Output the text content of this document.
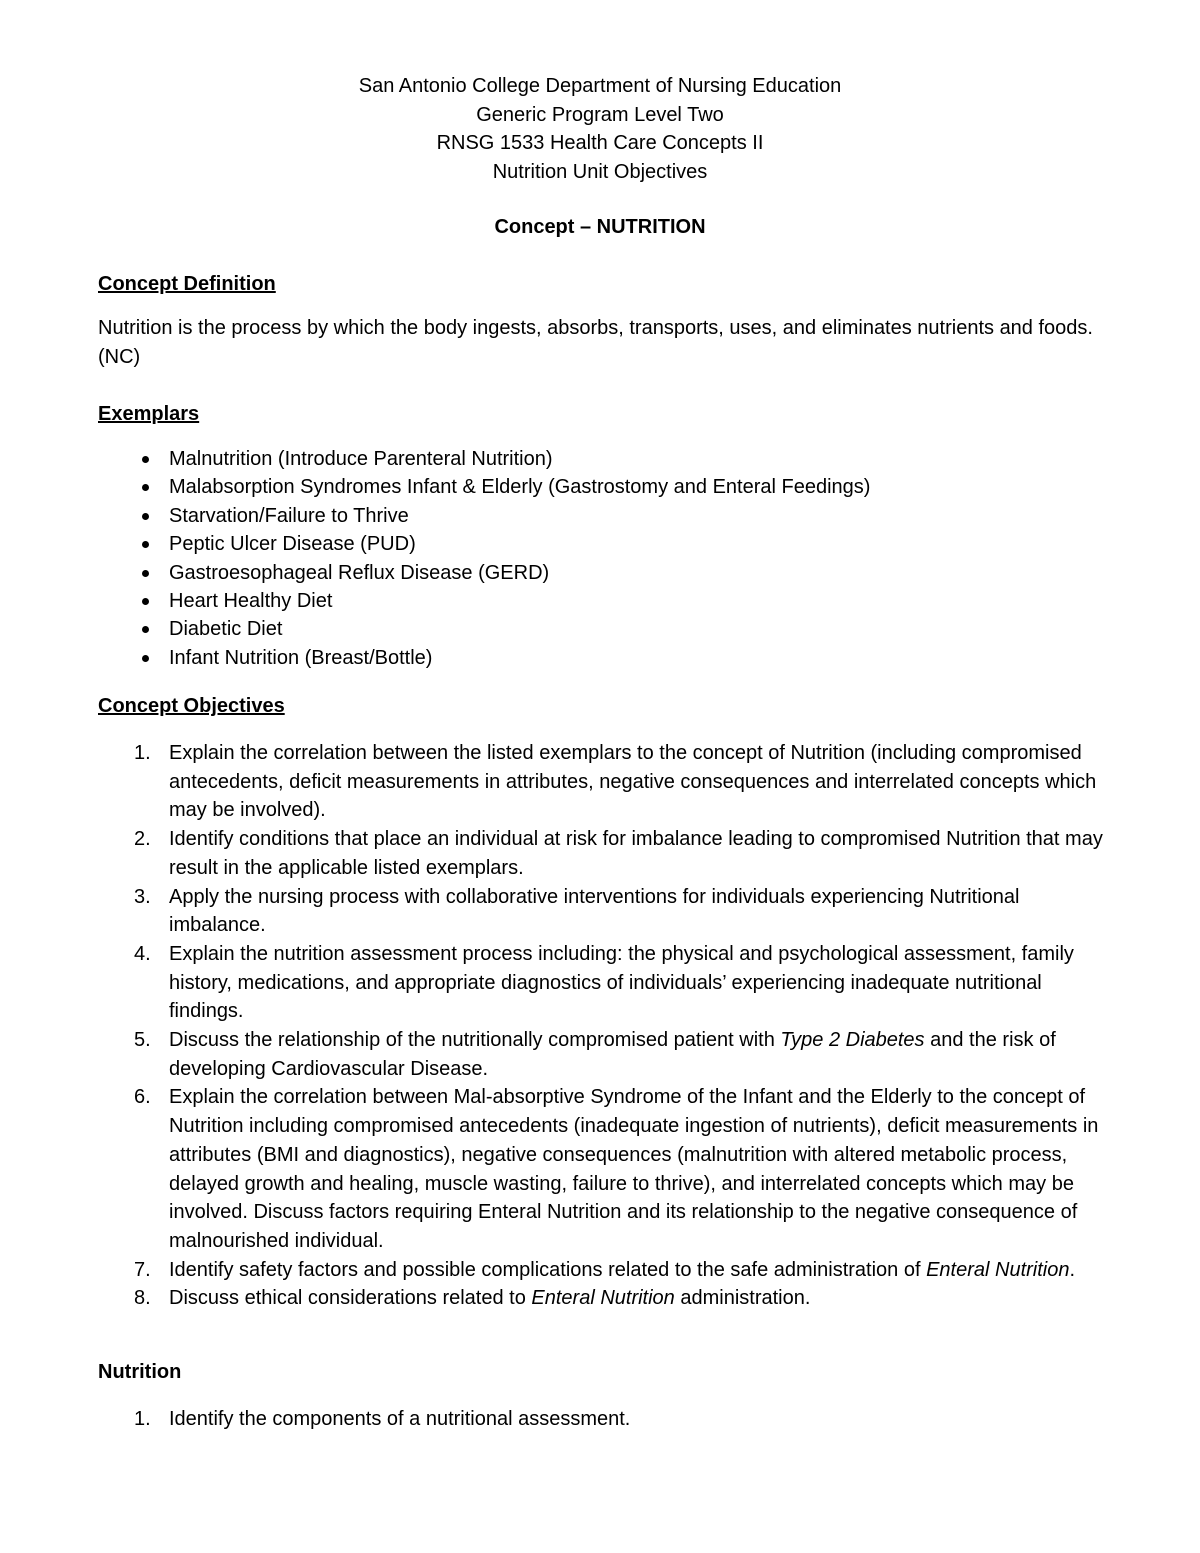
San Antonio College Department of Nursing Education
Generic Program Level Two
RNSG 1533 Health Care Concepts II
Nutrition Unit Objectives
Concept – NUTRITION
Concept Definition
Nutrition is the process by which the body ingests, absorbs, transports, uses, and eliminates nutrients and foods. (NC)
Exemplars
Malnutrition (Introduce Parenteral Nutrition)
Malabsorption Syndromes Infant & Elderly (Gastrostomy and Enteral Feedings)
Starvation/Failure to Thrive
Peptic Ulcer Disease (PUD)
Gastroesophageal Reflux Disease (GERD)
Heart Healthy Diet
Diabetic Diet
Infant Nutrition (Breast/Bottle)
Concept Objectives
1. Explain the correlation between the listed exemplars to the concept of Nutrition (including compromised antecedents, deficit measurements in attributes, negative consequences and interrelated concepts which may be involved).
2. Identify conditions that place an individual at risk for imbalance leading to compromised Nutrition that may result in the applicable listed exemplars.
3. Apply the nursing process with collaborative interventions for individuals experiencing Nutritional imbalance.
4. Explain the nutrition assessment process including: the physical and psychological assessment, family history, medications, and appropriate diagnostics of individuals’ experiencing inadequate nutritional findings.
5. Discuss the relationship of the nutritionally compromised patient with Type 2 Diabetes and the risk of developing Cardiovascular Disease.
6. Explain the correlation between Mal-absorptive Syndrome of the Infant and the Elderly to the concept of Nutrition including compromised antecedents (inadequate ingestion of nutrients), deficit measurements in attributes (BMI and diagnostics), negative consequences (malnutrition with altered metabolic process, delayed growth and healing, muscle wasting, failure to thrive), and interrelated concepts which may be involved. Discuss factors requiring Enteral Nutrition and its relationship to the negative consequence of malnourished individual.
7. Identify safety factors and possible complications related to the safe administration of Enteral Nutrition.
8. Discuss ethical considerations related to Enteral Nutrition administration.
Nutrition
1. Identify the components of a nutritional assessment.
